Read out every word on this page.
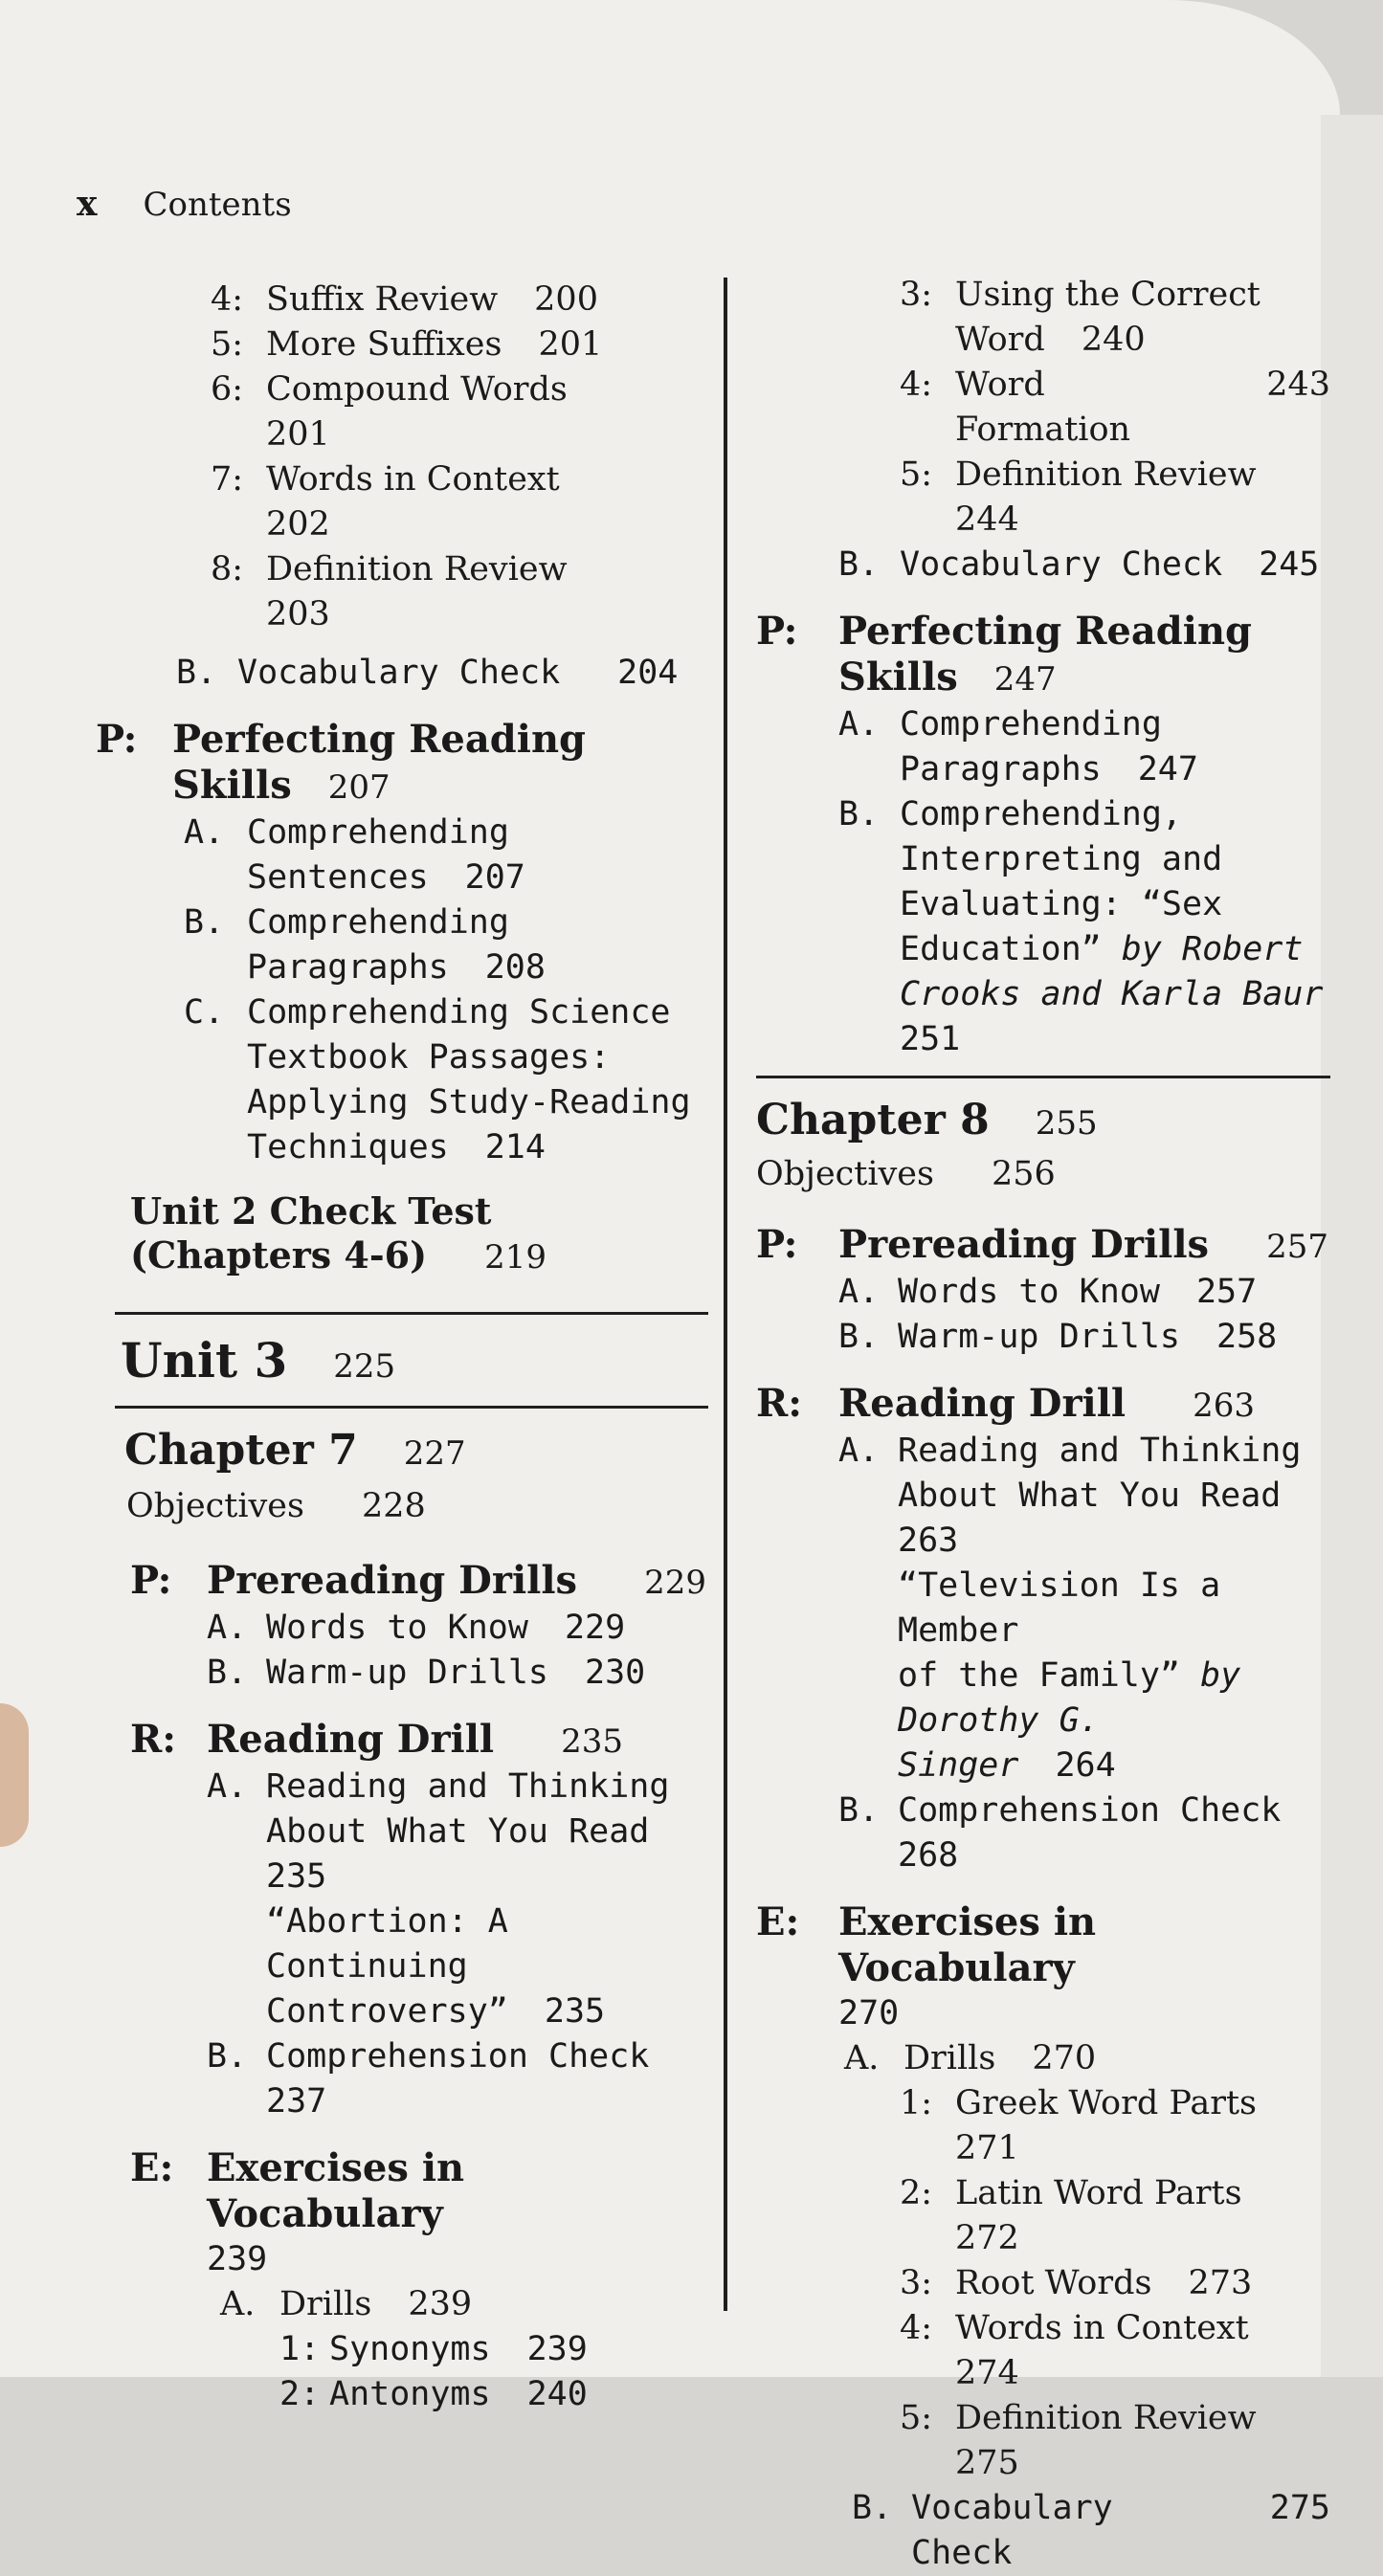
x Contents
4: Suffix Review 200
5: More Suffixes 201
6: Compound Words
201
7: Words in Context
202
8: Definition Review
203
B. Vocabulary Check 204
P: Perfecting Reading
Skills 207
A. Comprehending
Sentences 207
B. Comprehending
Paragraphs 208
C. Comprehending Science
Textbook Passages:
Applying Study-Reading
Techniques 214
Unit 2 Check Test
(Chapters 4-6) 219
Unit 3 225
Chapter 7 227
Objectives 228
P: Prereading Drills 229
A. Words to Know 229
B. Warm-up Drills 230
R: Reading Drill 235
A. Reading and Thinking
About What You Read
235
“Abortion: A Continuing
Controversy” 235
B. Comprehension Check
237
E: Exercises in Vocabulary
239
A. Drills 239
1: Synonyms 239
2: Antonyms 240
3: Using the Correct
Word 240
4: Word Formation
243
5: Definition Review
244
B. Vocabulary Check 245
P:	Perfecting Reading
Skills 247
A. Comprehending
Paragraphs 247
B. Comprehending,
Interpreting and
Evaluating: “Sex
Education” by Robert
Crooks and Karla Baur
251
Chapter 8 255
Objectives 256
P:	Prereading Drills 257
A. Words to Know 257
B. Warm-up Drills 258
R: Reading Drill 263
A. Reading and Thinking
About What You Read
263
“Television Is a Member
of the Family” by
Dorothy G. Singer 264
B. Comprehension Check
268
E:	Exercises in Vocabulary
270
A. Drills 270
1: Greek Word Parts
271
2: Latin Word Parts
272
3: Root Words 273
4: Words in Context
274
5: Definition Review
275
B. Vocabulary Check
275
